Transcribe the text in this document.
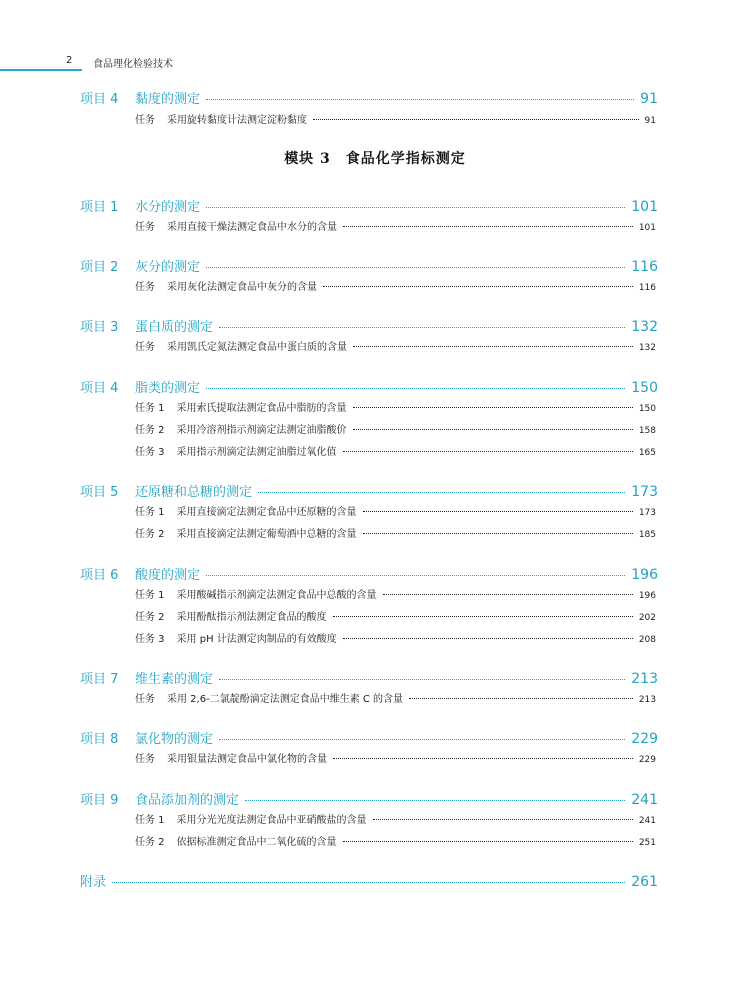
2 食品理化检验技术
项目 4	黏度的测定	91
任务 采用旋转黏度计法测定淀粉黏度	91
项目 1	水分的测定	101
任务 采用直接干燥法测定食品中水分的含量	101
项目 2	灰分的测定	116
任务 采用灰化法测定食品中灰分的含量	116
项目 3	蛋白质的测定	132
任务 采用凯氏定氮法测定食品中蛋白质的含量	132
项目 4	脂类的测定	150
任务 1 采用索氏提取法测定食品中脂肪的含量	150
任务 2 采用冷溶剂指示剂滴定法测定油脂酸价	158
任务 3 采用指示剂滴定法测定油脂过氧化值	165
项目 5	还原糖和总糖的测定	173
任务 1 采用直接滴定法测定食品中还原糖的含量	173
任务 2 采用直接滴定法测定葡萄酒中总糖的含量	185
项目 6	酸度的测定	196
任务 1 采用酸碱指示剂滴定法测定食品中总酸的含量	196
任务 2 采用酚酞指示剂法测定食品的酸度	202
任务 3 采用 pH 计法测定肉制品的有效酸度	208
项目 7	维生素的测定	213
任务 采用 2,6-二氯靛酚滴定法测定食品中维生素 C 的含量	213
项目 8	氯化物的测定	229
任务 采用银量法测定食品中氯化物的含量	229
项目 9	食品添加剂的测定	241
任务 1 采用分光光度法测定食品中亚硝酸盐的含量	241
任务 2 依据标准测定食品中二氧化硫的含量	251
附录	261
模块 3　食品化学指标测定
